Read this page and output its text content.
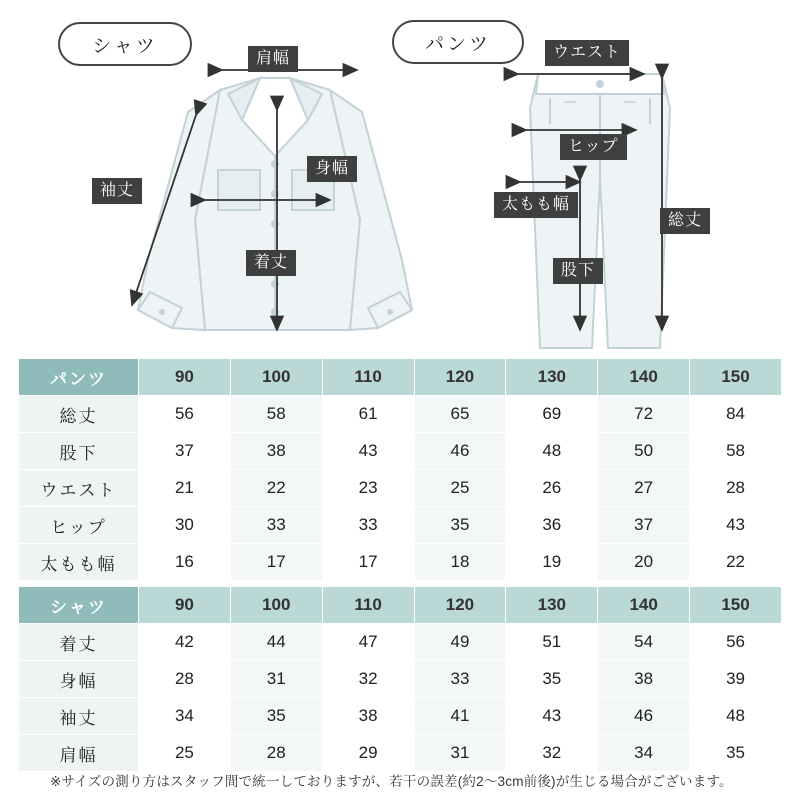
シャツ	パンツ
肩幅
袖丈
身幅
着丈
ウエスト
ヒップ
太もも幅
股下
総丈
パンツ	90	100	110	120	130	140	150
総丈	56	58	61	65	69	72	84
股下	37	38	43	46	48	50	58
ウエスト	21	22	23	25	26	27	28
ヒップ	30	33	33	35	36	37	43
太もも幅	16	17	17	18	19	20	22
シャツ	90	100	110	120	130	140	150
着丈	42	44	47	49	51	54	56
身幅	28	31	32	33	35	38	39
袖丈	34	35	38	41	43	46	48
肩幅	25	28	29	31	32	34	35
※サイズの測り方はスタッフ間で統一しておりますが、若干の誤差(約2～3cm前後)が生じる場合がございます。
